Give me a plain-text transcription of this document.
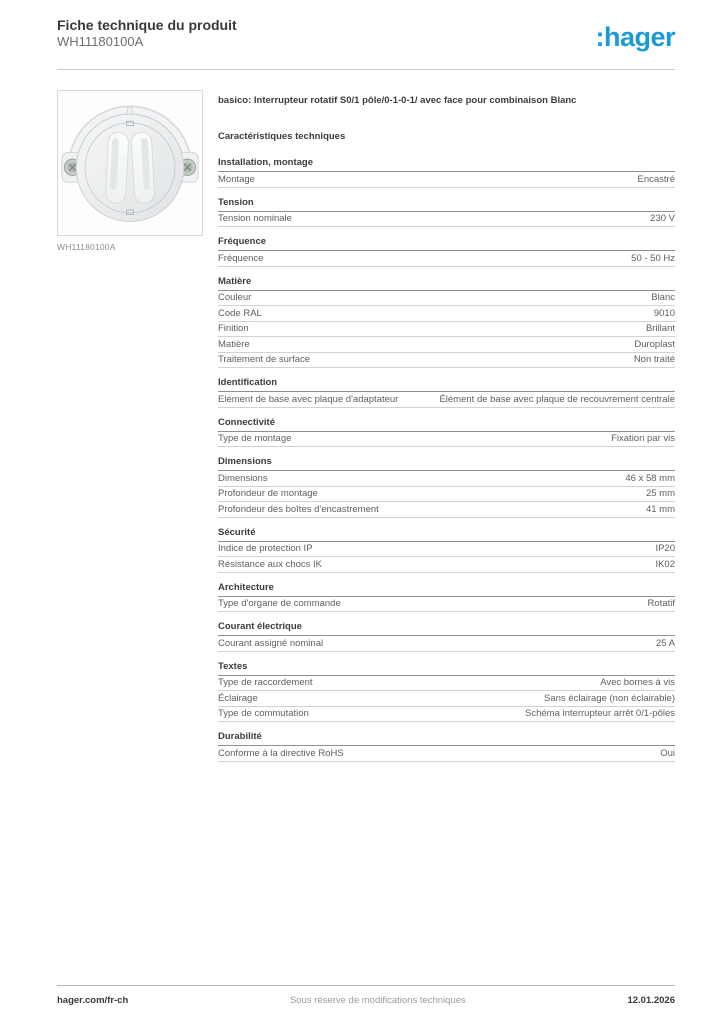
Fiche technique du produit
WH11180100A	:hager
WH11180100A
basico: Interrupteur rotatif S0/1 pôle/0-1-0-1/ avec face pour combinaison Blanc
Caractéristiques techniques
Installation, montage
Montage	Encastré
Tension
Tension nominale	230 V
Fréquence
Fréquence	50 - 50 Hz
Matière
Couleur	Blanc
Code RAL	9010
Finition	Brillant
Matière	Duroplast
Traitement de surface	Non traité
Identification
Elément de base avec plaque d'adaptateur	Élément de base avec plaque de recouvrement centrale
Connectivité
Type de montage	Fixation par vis
Dimensions
Dimensions	46 x 58 mm
Profondeur de montage	25 mm
Profondeur des boîtes d'encastrement	41 mm
Sécurité
Indice de protection IP	IP20
Résistance aux chocs IK	IK02
Architecture
Type d'organe de commande	Rotatif
Courant électrique
Courant assigné nominal	25 A
Textes
Type de raccordement	Avec bornes à vis
Éclairage	Sans éclairage (non éclairable)
Type de commutation	Schéma interrupteur arrêt 0/1-pôles
Durabilité
Conforme à la directive RoHS	Oui
hager.com/fr-ch	Sous réserve de modifications techniques	12.01.2026
